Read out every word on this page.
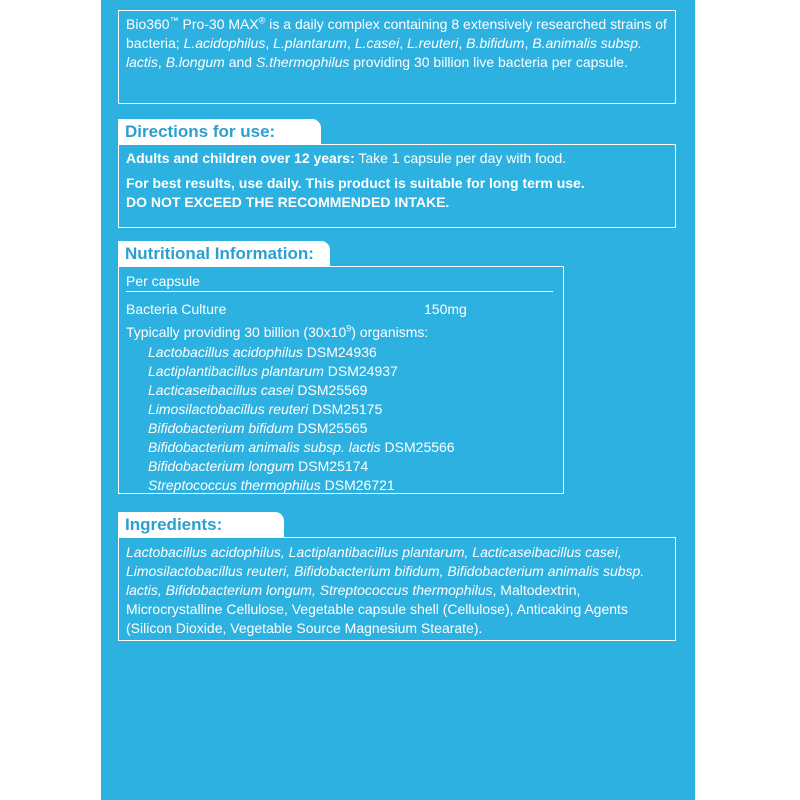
Bio360™ Pro-30 MAX® is a daily complex containing 8 extensively researched strains of bacteria; L.acidophilus, L.plantarum, L.casei, L.reuteri, B.bifidum, B.animalis subsp. lactis, B.longum and S.thermophilus providing 30 billion live bacteria per capsule.
Directions for use:
Adults and children over 12 years: Take 1 capsule per day with food.
For best results, use daily. This product is suitable for long term use.
DO NOT EXCEED THE RECOMMENDED INTAKE.
Nutritional Information:
Per capsule
Bacteria Culture	150mg
Typically providing 30 billion $(30x10^9)$ organisms:
Lactobacillus acidophilus DSM24936
Lactiplantibacillus plantarum DSM24937
Lacticaseibacillus casei DSM25569
Limosilactobacillus reuteri DSM25175
Bifidobacterium bifidum DSM25565
Bifidobacterium animalis subsp. lactis DSM25566
Bifidobacterium longum DSM25174
Streptococcus thermophilus DSM26721
Ingredients:
Lactobacillus acidophilus, Lactiplantibacillus plantarum, Lacticaseibacillus casei, Limosilactobacillus reuteri, Bifidobacterium bifidum, Bifidobacterium animalis subsp. lactis, Bifidobacterium longum, Streptococcus thermophilus, Maltodextrin, Microcrystalline Cellulose, Vegetable capsule shell (Cellulose), Anticaking Agents (Silicon Dioxide, Vegetable Source Magnesium Stearate).
